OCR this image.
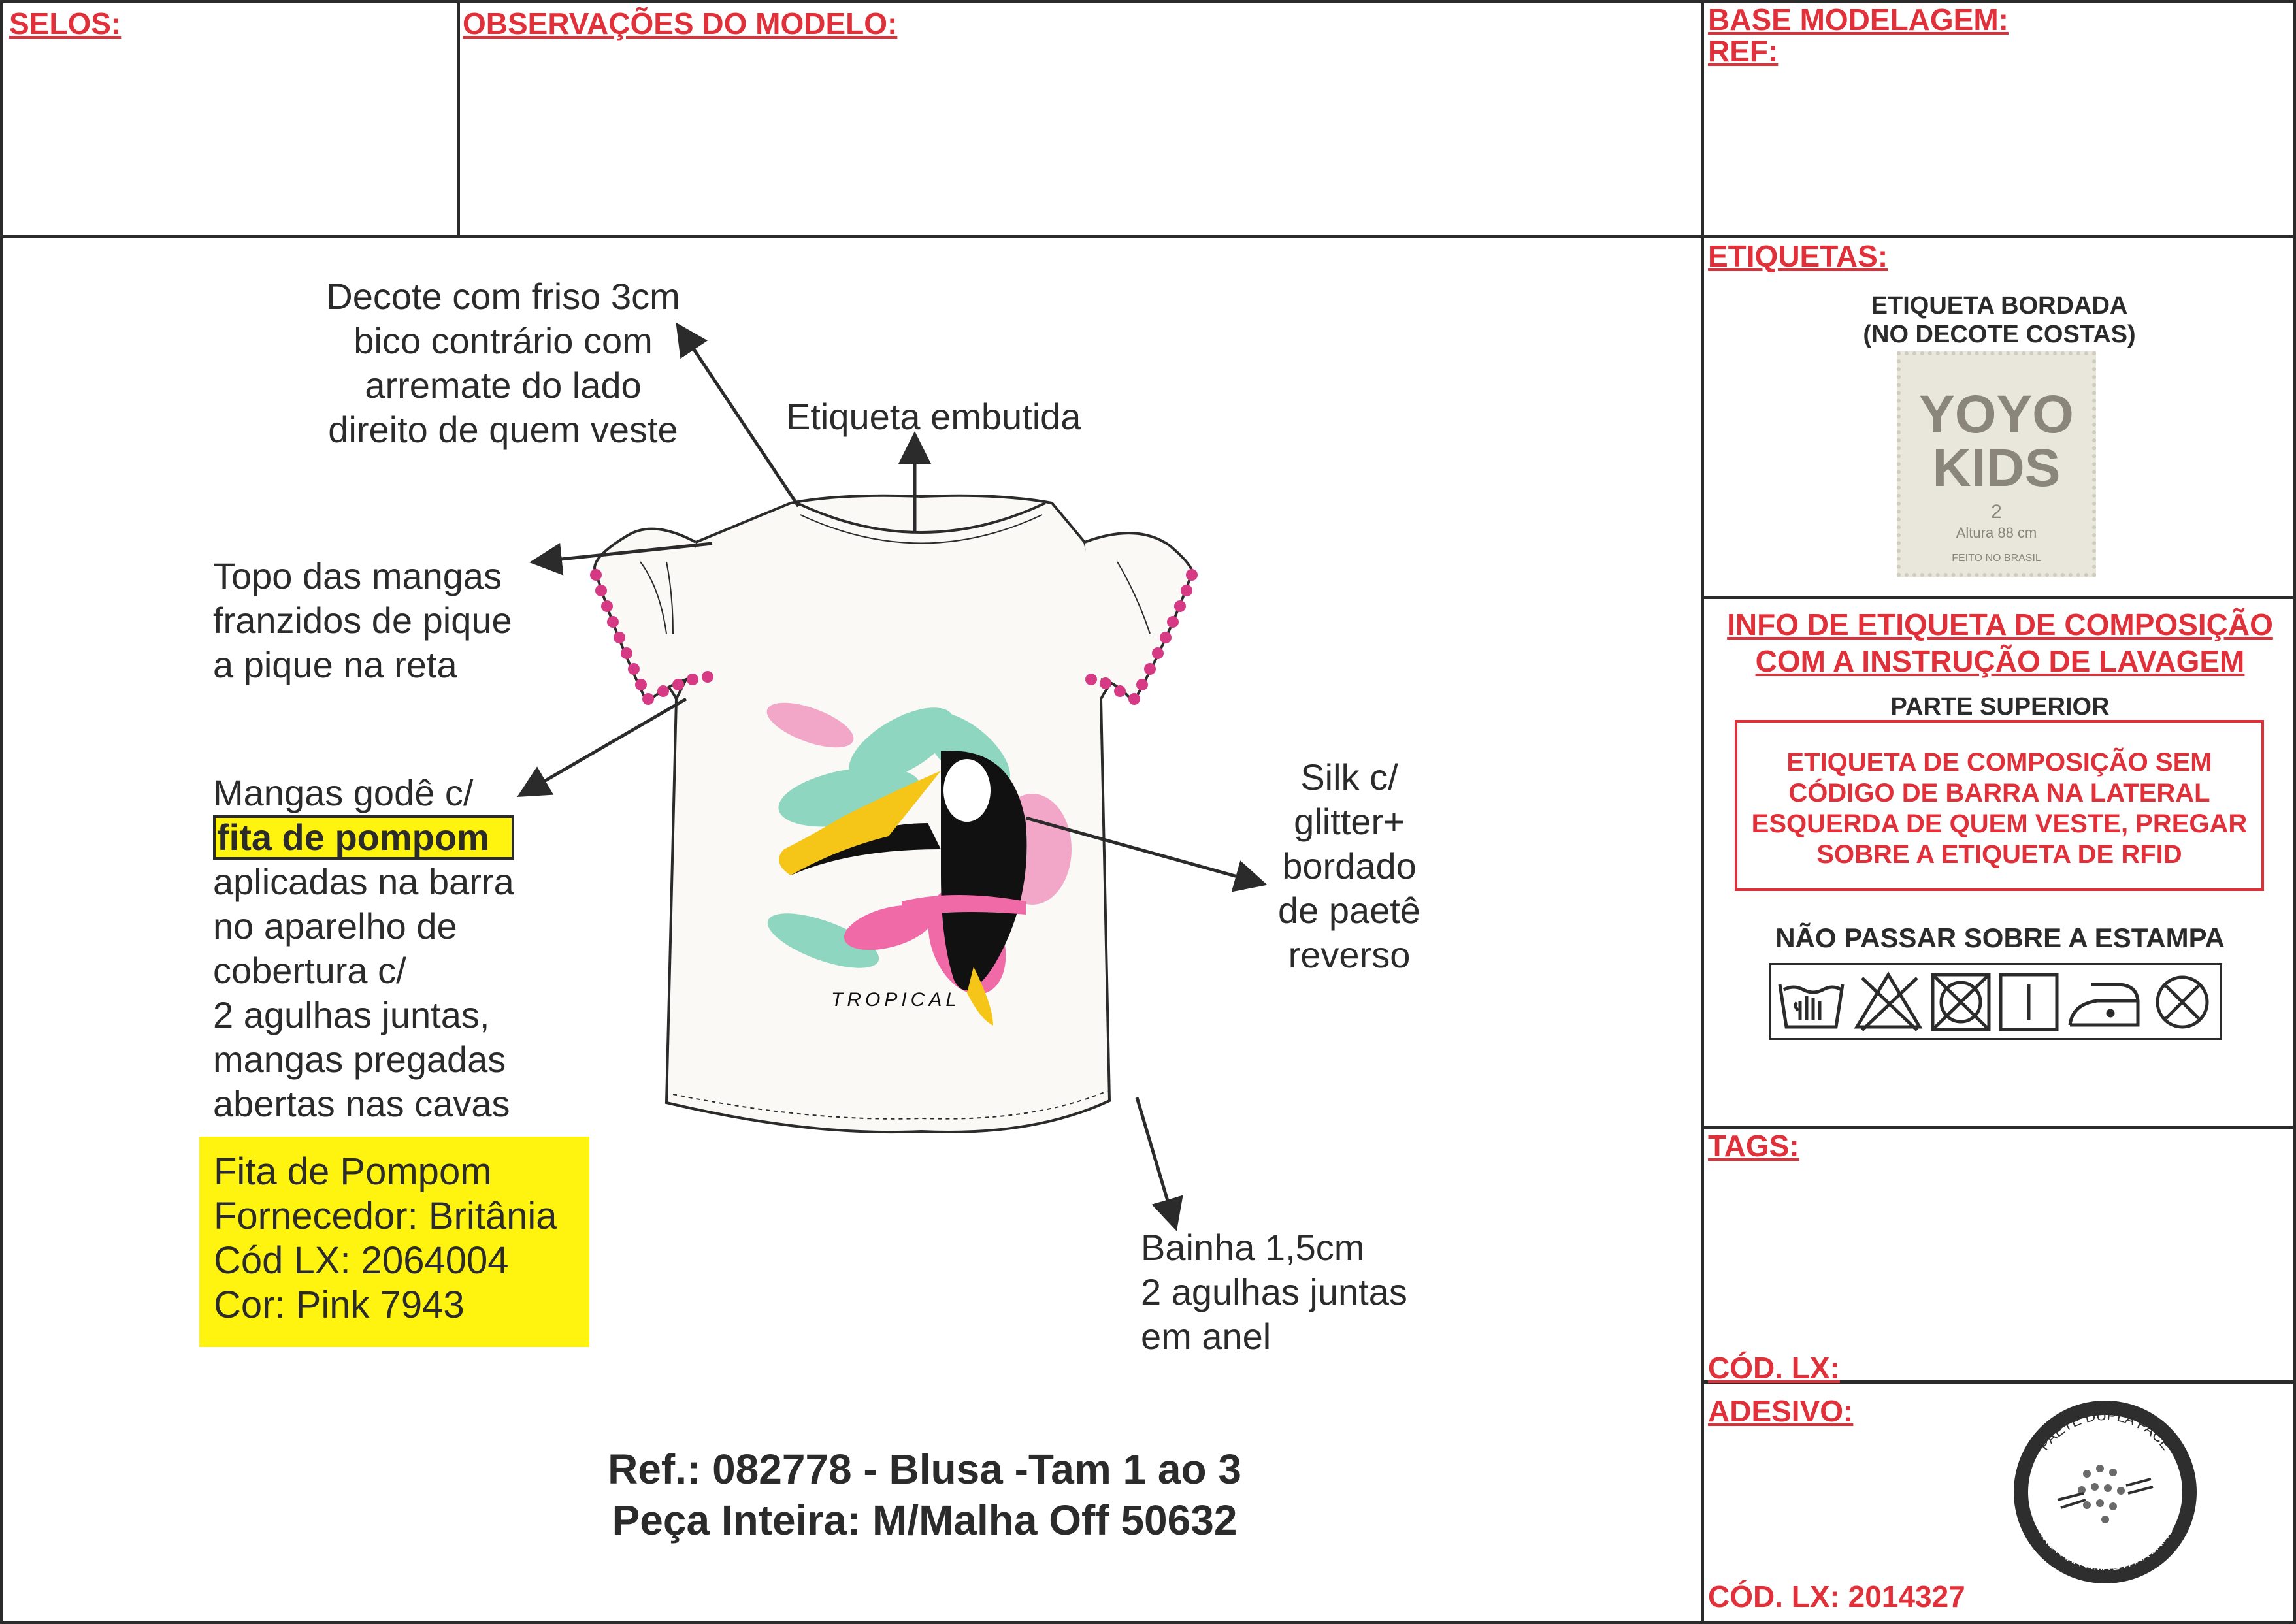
SELOS:	OBSERVAÇÕES DO MODELO:	BASE MODELAGEM:
REF:
ETIQUETAS:
ETIQUETA BORDADA
(NO DECOTE COSTAS)
YOYO
KIDS
2
Altura 88 cm
FEITO NO BRASIL
INFO DE ETIQUETA DE COMPOSIÇÃO
COM A INSTRUÇÃO DE LAVAGEM
PARTE SUPERIOR
ETIQUETA DE COMPOSIÇÃO SEM
CÓDIGO DE BARRA NA LATERAL
ESQUERDA DE QUEM VESTE, PREGAR
SOBRE A ETIQUETA DE RFID
NÃO PASSAR SOBRE A ESTAMPA
TAGS:
CÓD. LX:
ADESIVO:
CÓD. LX: 2014327
PAETÊ DUPLA FACE
VIRE PARA CIMA E PARA BAIXO
TROPICAL
Decote com friso 3cm
bico contrário com
arremate do lado
direito de quem veste	Etiqueta embutida
Topo das mangas
franzidos de pique
a pique na reta
Mangas godê c/
fita de pompom
aplicadas na barra
no aparelho de
cobertura c/
2 agulhas juntas,
mangas pregadas
abertas nas cavas
Silk c/
glitter+
bordado
de paetê
reverso
Bainha 1,5cm
2 agulhas juntas
em anel
Fita de Pompom
Fornecedor: Britânia
Cód LX: 2064004
Cor: Pink 7943
Ref.: 082778 - Blusa -Tam 1 ao 3
Peça Inteira: M/Malha Off 50632
